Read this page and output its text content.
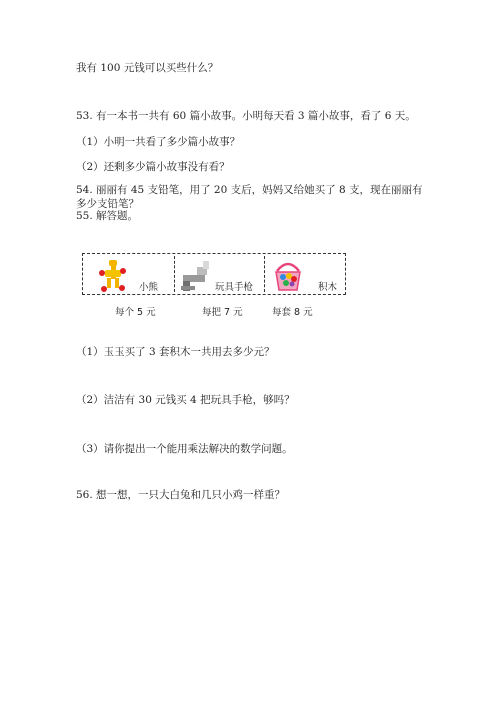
我有 100 元钱可以买些什么？
53. 有一本书一共有 60 篇小故事。小明每天看 3 篇小故事，看了 6 天。
（1）小明一共看了多少篇小故事？
（2）还剩多少篇小故事没有看？
54. 丽丽有 45 支铅笔，用了 20 支后，妈妈又给她买了 8 支，现在丽丽有多少支铅笔？
55. 解答题。
小熊	玩具手枪	积木
每个 5 元	每把 7 元	每套 8 元
（1）玉玉买了 3 套积木一共用去多少元？
（2）洁洁有 30 元钱买 4 把玩具手枪，够吗？
（3）请你提出一个能用乘法解决的数学问题。
56. 想一想，一只大白兔和几只小鸡一样重？
